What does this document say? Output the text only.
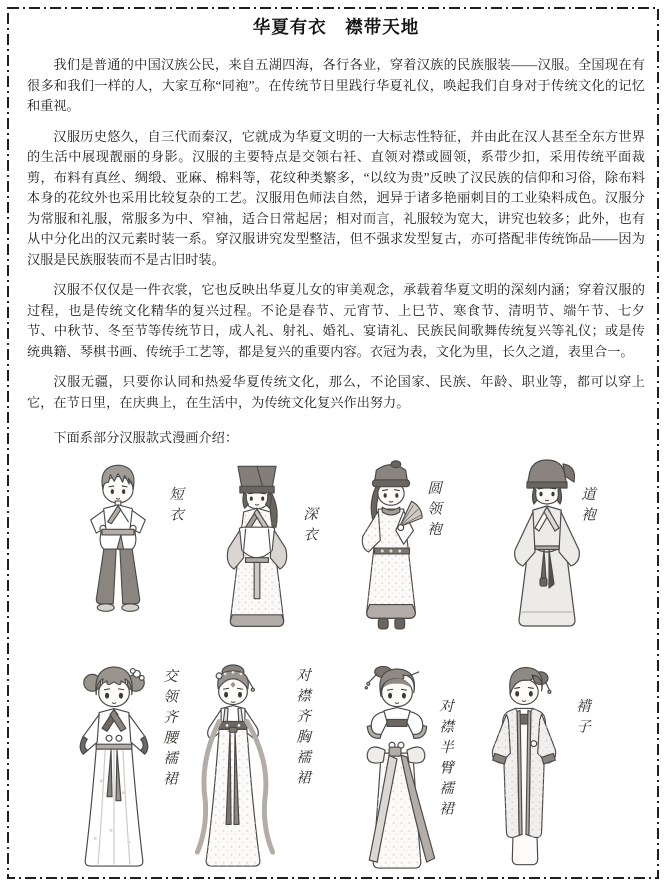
华夏有衣　襟带天地

我们是普通的中国汉族公民，来自五湖四海，各行各业，穿着汉族的民族服装——汉服。全国现在有很多和我们一样的人，大家互称“同袍”。在传统节日里践行华夏礼仪，唤起我们自身对于传统文化的记忆和重视。

汉服历史悠久，自三代而秦汉，它就成为华夏文明的一大标志性特征，并由此在汉人甚至全东方世界的生活中展现靓丽的身影。汉服的主要特点是交领右衽、直领对襟或圆领，系带少扣，采用传统平面裁剪，布料有真丝、绸缎、亚麻、棉料等，花纹种类繁多，“以纹为贵”反映了汉民族的信仰和习俗，除布料本身的花纹外也采用比较复杂的工艺。汉服用色师法自然，迥异于诸多艳丽刺目的工业染料成色。汉服分为常服和礼服，常服多为中、窄袖，适合日常起居；相对而言，礼服较为宽大，讲究也较多；此外，也有从中分化出的汉元素时装一系。穿汉服讲究发型整洁，但不强求发型复古，亦可搭配非传统饰品——因为汉服是民族服装而不是古旧时装。

汉服不仅仅是一件衣裳，它也反映出华夏儿女的审美观念，承载着华夏文明的深刻内涵；穿着汉服的过程，也是传统文化精华的复兴过程。不论是春节、元宵节、上巳节、寒食节、清明节、端午节、七夕节、中秋节、冬至节等传统节日，成人礼、射礼、婚礼、宴请礼、民族民间歌舞传统复兴等礼仪；或是传统典籍、琴棋书画、传统手工艺等，都是复兴的重要内容。衣冠为表，文化为里，长久之道，表里合一。

汉服无疆，只要你认同和热爱华夏传统文化，那么，不论国家、民族、年龄、职业等，都可以穿上它，在节日里，在庆典上，在生活中，为传统文化复兴作出努力。

下面系部分汉服款式漫画介绍：

短衣	深衣	圆领袍	道袍
交领齐腰襦裙	对襟齐胸襦裙	对襟半臂襦裙	褙子
